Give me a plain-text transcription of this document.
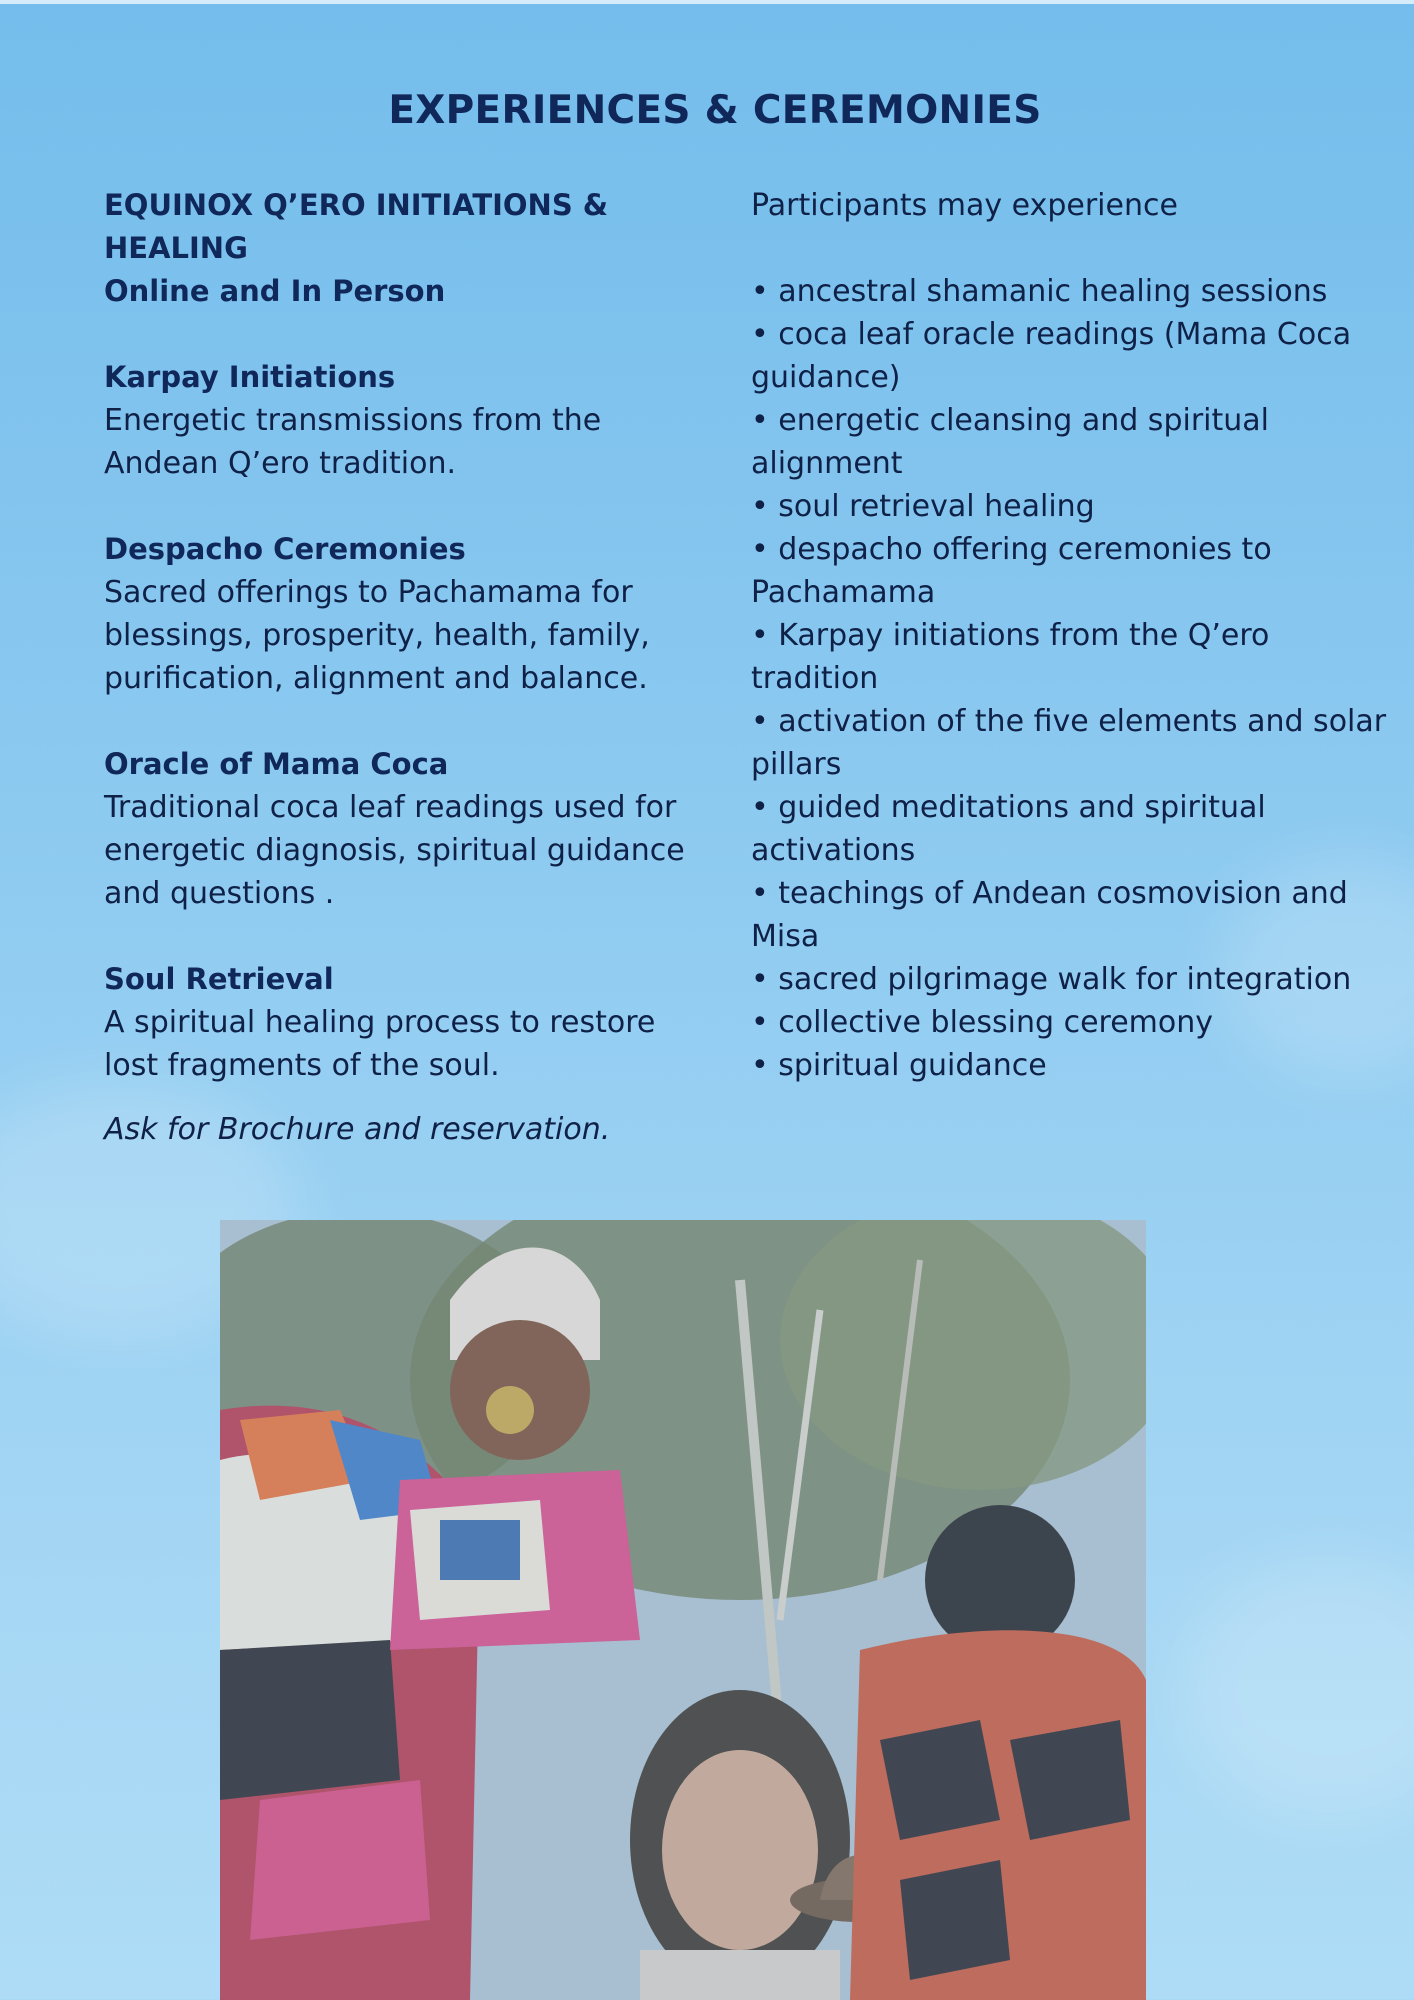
EXPERIENCES & CEREMONIES
EQUINOX Q’ERO INITIATIONS &
HEALING
Online and In Person
Karpay Initiations
Energetic transmissions from the Andean Q’ero tradition.
Despacho Ceremonies
Sacred offerings to Pachamama for blessings, prosperity, health, family, purification, alignment and balance.
Oracle of Mama Coca
Traditional coca leaf readings used for energetic diagnosis, spiritual guidance and questions .
Soul Retrieval
A spiritual healing process to restore lost fragments of the soul.
Ask for Brochure and reservation.
Participants may experience
• ancestral shamanic healing sessions
• coca leaf oracle readings (Mama Coca guidance)
• energetic cleansing and spiritual alignment
• soul retrieval healing
• despacho offering ceremonies to Pachamama
• Karpay initiations from the Q’ero tradition
• activation of the five elements and solar pillars
• guided meditations and spiritual activations
• teachings of Andean cosmovision and Misa
• sacred pilgrimage walk for integration
• collective blessing ceremony
• spiritual guidance
